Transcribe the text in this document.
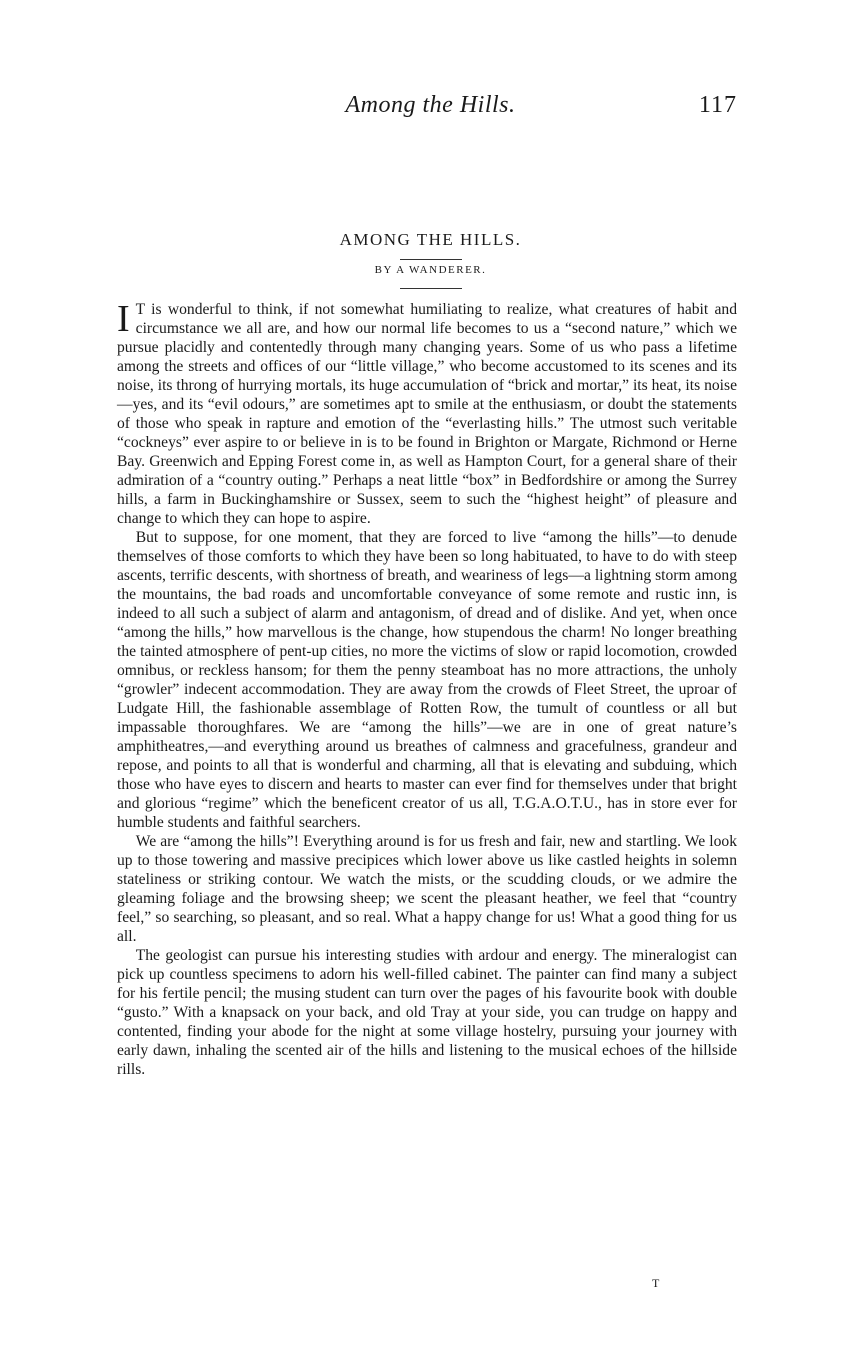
Among the Hills.	117
AMONG THE HILLS.
BY A WANDERER.

I T is wonderful to think, if not somewhat humiliating to realize, what creatures of habit and circumstance we all are, and how our normal life becomes to us a “second nature,” which we pursue placidly and contentedly through many changing years. Some of us who pass a lifetime among the streets and offices of our “little village,” who become accustomed to its scenes and its noise, its throng of hurrying mortals, its huge accumulation of “brick and mortar,” its heat, its noise—yes, and its “evil odours,” are sometimes apt to smile at the enthusiasm, or doubt the statements of those who speak in rapture and emotion of the “everlasting hills.” The utmost such veritable “cockneys” ever aspire to or believe in is to be found in Brighton or Margate, Richmond or Herne Bay. Greenwich and Epping Forest come in, as well as Hampton Court, for a general share of their admiration of a “country outing.” Perhaps a neat little “box” in Bedfordshire or among the Surrey hills, a farm in Buckinghamshire or Sussex, seem to such the “highest height” of pleasure and change to which they can hope to aspire.

But to suppose, for one moment, that they are forced to live “among the hills”—to denude themselves of those comforts to which they have been so long habituated, to have to do with steep ascents, terrific descents, with shortness of breath, and weariness of legs—a lightning storm among the mountains, the bad roads and uncomfortable conveyance of some remote and rustic inn, is indeed to all such a subject of alarm and antagonism, of dread and of dislike. And yet, when once “among the hills,” how marvellous is the change, how stupendous the charm! No longer breathing the tainted atmosphere of pent-up cities, no more the victims of slow or rapid locomotion, crowded omnibus, or reckless hansom; for them the penny steamboat has no more attractions, the unholy “growler” indecent accommodation. They are away from the crowds of Fleet Street, the uproar of Ludgate Hill, the fashionable assemblage of Rotten Row, the tumult of countless or all but impassable thoroughfares. We are “among the hills”—we are in one of great nature’s amphitheatres,—and everything around us breathes of calmness and gracefulness, grandeur and repose, and points to all that is wonderful and charming, all that is elevating and subduing, which those who have eyes to discern and hearts to master can ever find for themselves under that bright and glorious “regime” which the beneficent creator of us all, T.G.A.O.T.U., has in store ever for humble students and faithful searchers.

We are “among the hills”! Everything around is for us fresh and fair, new and startling. We look up to those towering and massive precipices which lower above us like castled heights in solemn stateliness or striking contour. We watch the mists, or the scudding clouds, or we admire the gleaming foliage and the browsing sheep; we scent the pleasant heather, we feel that “country feel,” so searching, so pleasant, and so real. What a happy change for us! What a good thing for us all.

The geologist can pursue his interesting studies with ardour and energy. The mineralogist can pick up countless specimens to adorn his well-filled cabinet. The painter can find many a subject for his fertile pencil; the musing student can turn over the pages of his favourite book with double “gusto.” With a knapsack on your back, and old Tray at your side, you can trudge on happy and contented, finding your abode for the night at some village hostelry, pursuing your journey with early dawn, inhaling the scented air of the hills and listening to the musical echoes of the hillside rills.

T
